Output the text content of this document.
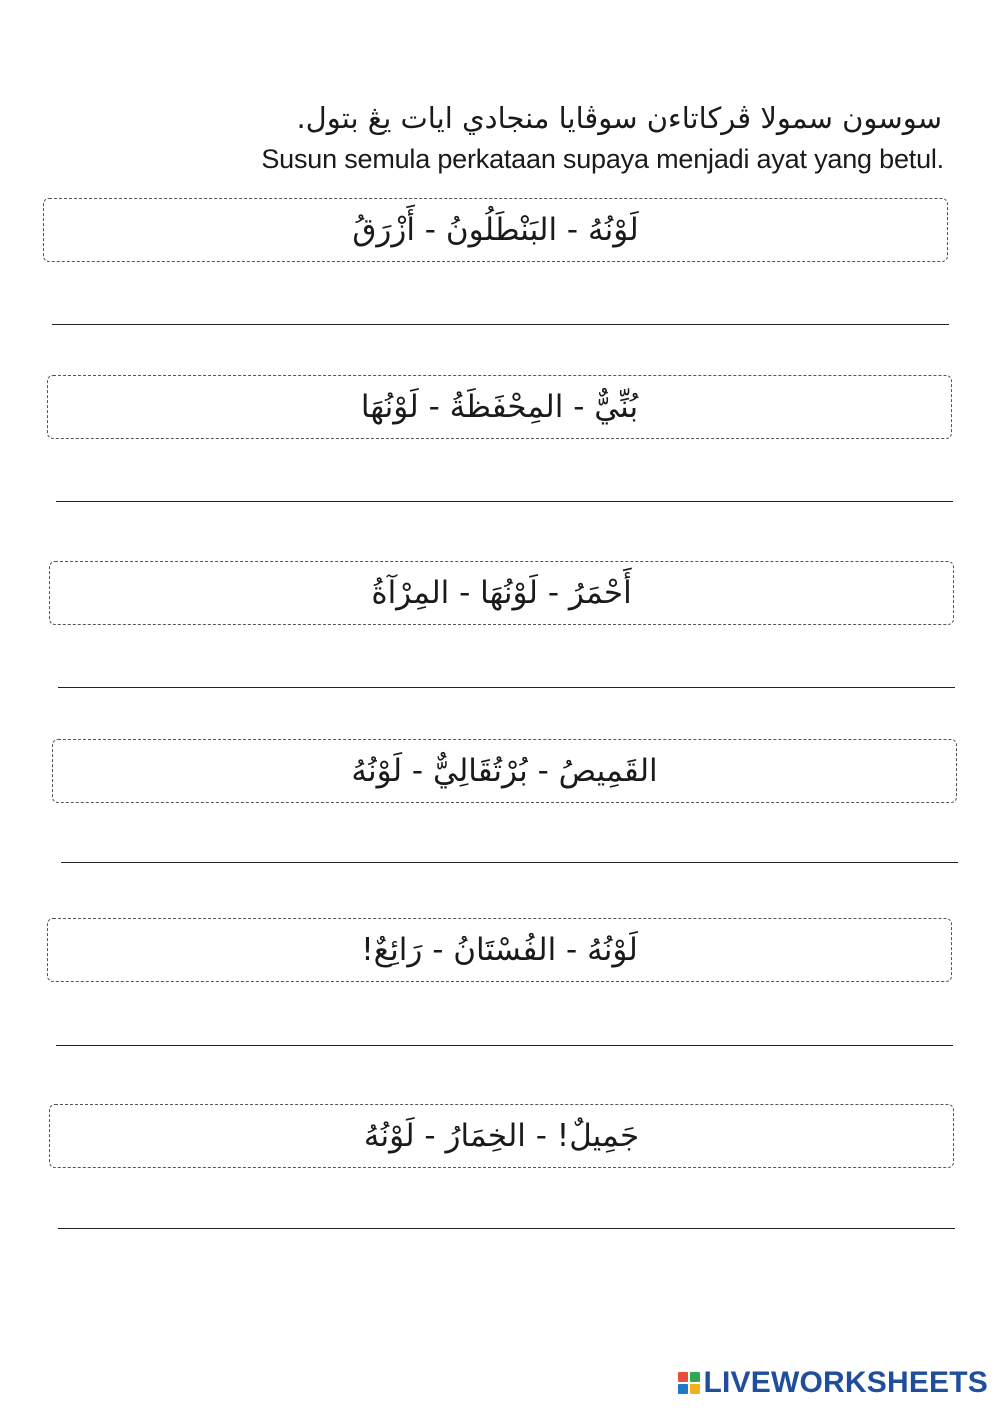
سوسون سمولا ڤركاتاءن سوڤايا منجادي ايات يڠ بتول.
Susun semula perkataan supaya menjadi ayat yang betul.
لَوْنُهُ - البَنْطَلُونُ - أَزْرَقُ
بُنِّيٌّ - المِحْفَظَةُ - لَوْنُهَا
أَحْمَرُ - لَوْنُهَا - المِرْآةُ
القَمِيصُ - بُرْتُقَالِيٌّ - لَوْنُهُ
لَوْنُهُ - الفُسْتَانُ - رَائِعٌ!
جَمِيلٌ! - الخِمَارُ - لَوْنُهُ
LIVEWORKSHEETS
